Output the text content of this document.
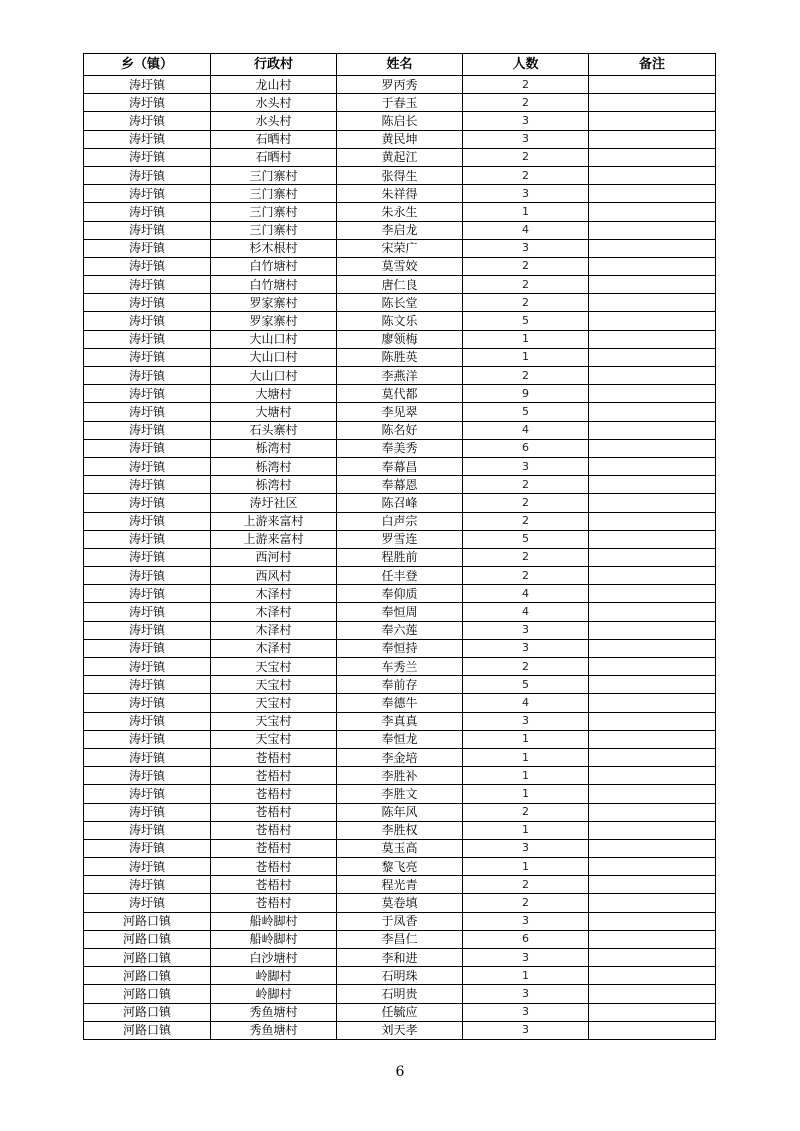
乡（镇）	行政村	姓名	人数	备注
涛圩镇	龙山村	罗丙秀	2	
涛圩镇	水头村	于春玉	2	
涛圩镇	水头村	陈启长	3	
涛圩镇	石晒村	黄民坤	3	
涛圩镇	石晒村	黄起江	2	
涛圩镇	三门寨村	张得生	2	
涛圩镇	三门寨村	朱祥得	3	
涛圩镇	三门寨村	朱永生	1	
涛圩镇	三门寨村	李启龙	4	
涛圩镇	杉木根村	宋荣广	3	
涛圩镇	白竹塘村	莫雪姣	2	
涛圩镇	白竹塘村	唐仁良	2	
涛圩镇	罗家寨村	陈长堂	2	
涛圩镇	罗家寨村	陈文乐	5	
涛圩镇	大山口村	廖领梅	1	
涛圩镇	大山口村	陈胜英	1	
涛圩镇	大山口村	李燕洋	2	
涛圩镇	大塘村	莫代都	9	
涛圩镇	大塘村	李见翠	5	
涛圩镇	石头寨村	陈名好	4	
涛圩镇	栎湾村	奉美秀	6	
涛圩镇	栎湾村	奉幕昌	3	
涛圩镇	栎湾村	奉幕恩	2	
涛圩镇	涛圩社区	陈召峰	2	
涛圩镇	上游来富村	白声宗	2	
涛圩镇	上游来富村	罗雪连	5	
涛圩镇	西河村	程胜前	2	
涛圩镇	西风村	任丰登	2	
涛圩镇	木泽村	奉仰质	4	
涛圩镇	木泽村	奉恒周	4	
涛圩镇	木泽村	奉六莲	3	
涛圩镇	木泽村	奉恒持	3	
涛圩镇	天宝村	车秀兰	2	
涛圩镇	天宝村	奉前存	5	
涛圩镇	天宝村	奉德牛	4	
涛圩镇	天宝村	李真真	3	
涛圩镇	天宝村	奉恒龙	1	
涛圩镇	苍梧村	李金培	1	
涛圩镇	苍梧村	李胜补	1	
涛圩镇	苍梧村	李胜文	1	
涛圩镇	苍梧村	陈年风	2	
涛圩镇	苍梧村	李胜权	1	
涛圩镇	苍梧村	莫玉高	3	
涛圩镇	苍梧村	黎飞亮	1	
涛圩镇	苍梧村	程光青	2	
涛圩镇	苍梧村	莫卷填	2	
河路口镇	船岭脚村	于凤香	3	
河路口镇	船岭脚村	李昌仁	6	
河路口镇	白沙塘村	李和进	3	
河路口镇	岭脚村	石明珠	1	
河路口镇	岭脚村	石明贵	3	
河路口镇	秀鱼塘村	任毓应	3	
河路口镇	秀鱼塘村	刘天孝	3	
6
